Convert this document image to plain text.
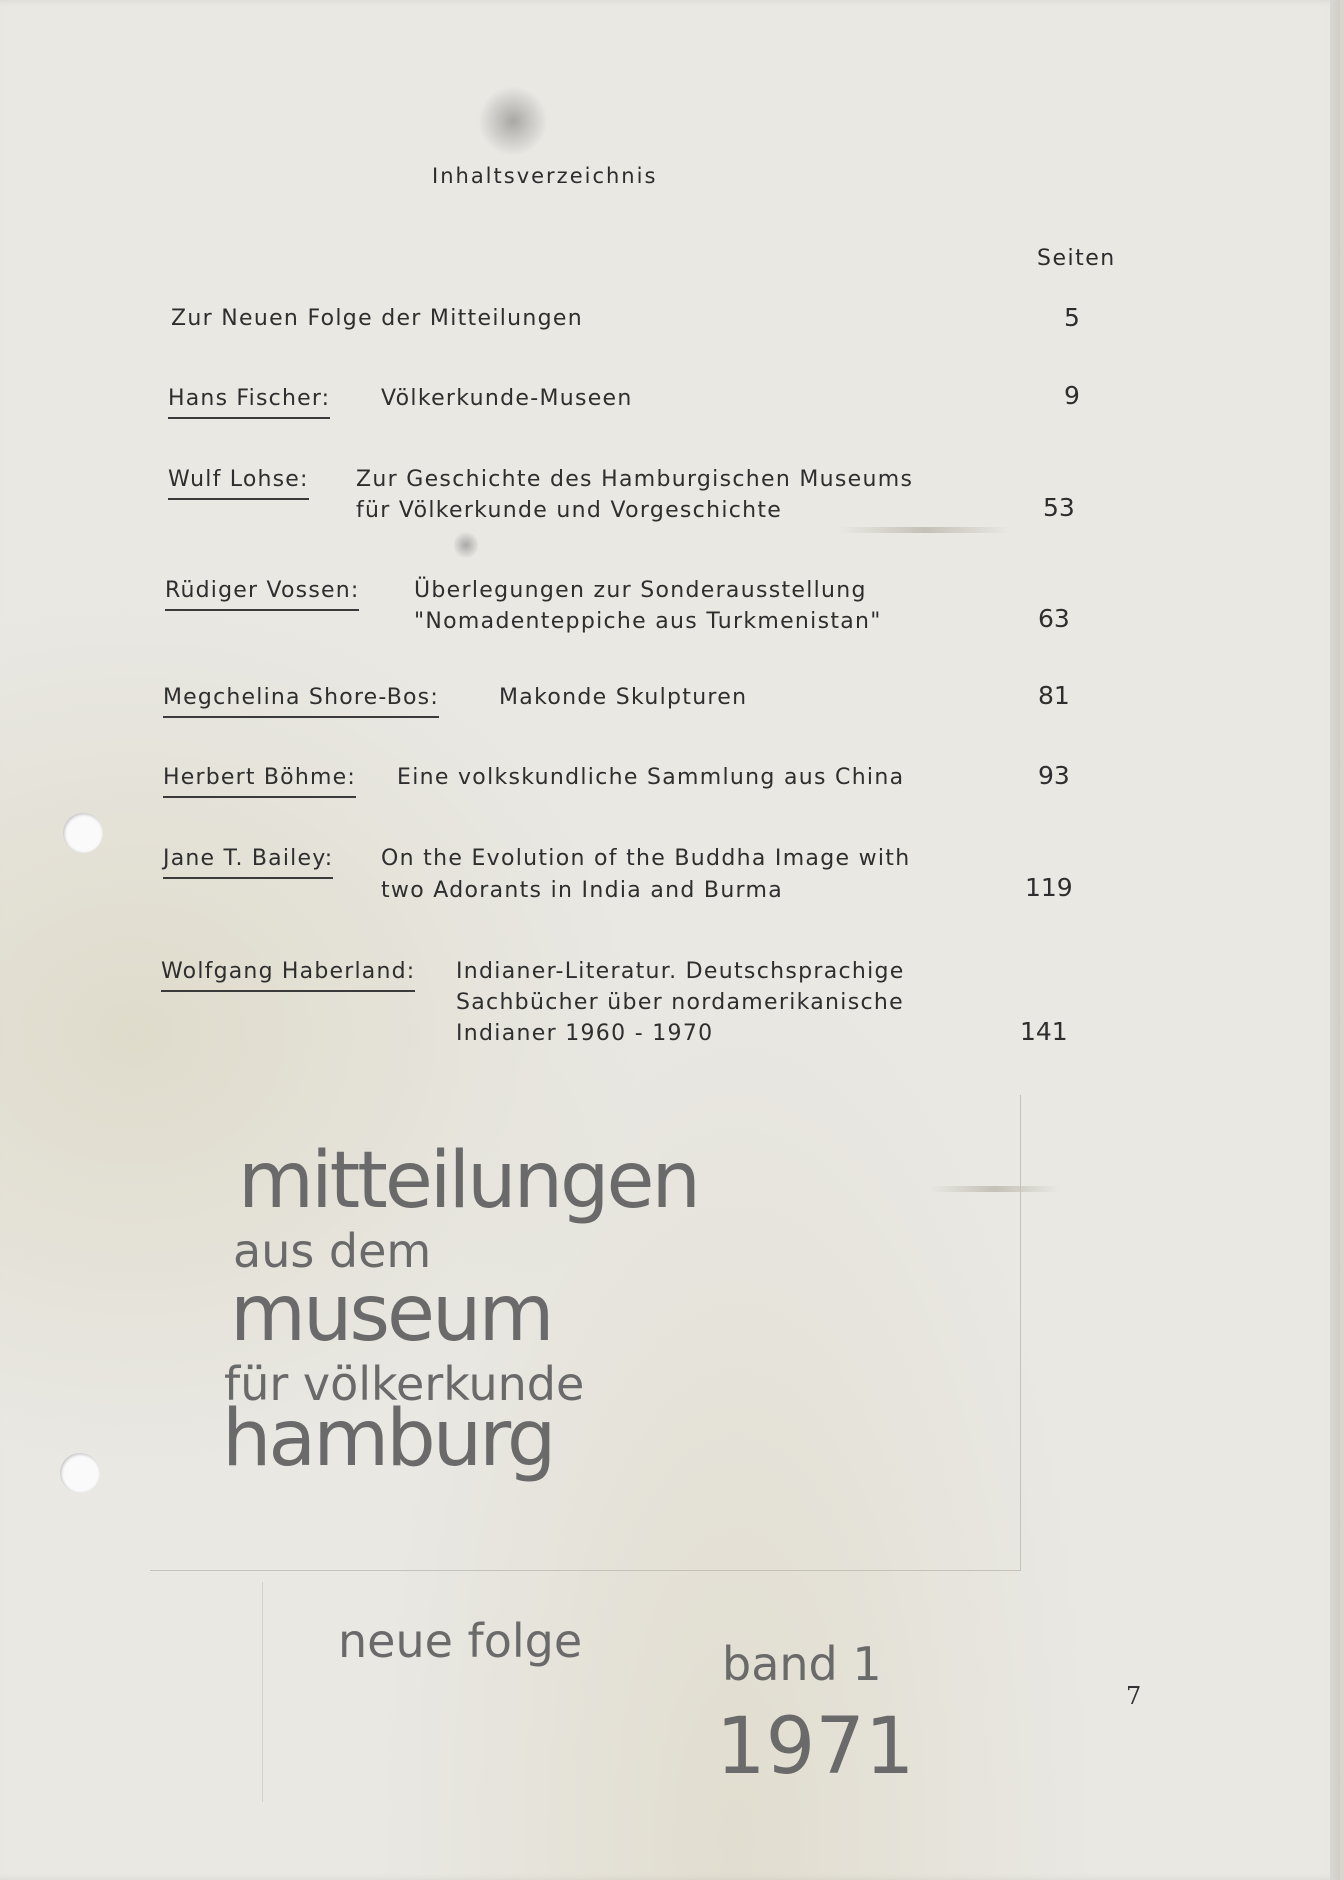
Inhaltsverzeichnis
Seiten
Zur Neuen Folge der Mitteilungen	5
Hans Fischer: Völkerkunde-Museen	9
Wulf Lohse: Zur Geschichte des Hamburgischen Museums
für Völkerkunde und Vorgeschichte	53
Rüdiger Vossen: Überlegungen zur Sonderausstellung
"Nomadenteppiche aus Turkmenistan"	63
Megchelina Shore-Bos:	Makonde Skulpturen	81
Herbert Böhme: Eine volkskundliche Sammlung aus China	93
Jane T. Bailey: On the Evolution of the Buddha Image with
two Adorants in India and Burma	119
Wolfgang Haberland: Indianer-Literatur. Deutschsprachige
Sachbücher über nordamerikanische
Indianer 1960 - 1970	141
mitteilungen
aus dem
museum
für völkerkunde
hamburg
neue folge	band 1
1971
7
